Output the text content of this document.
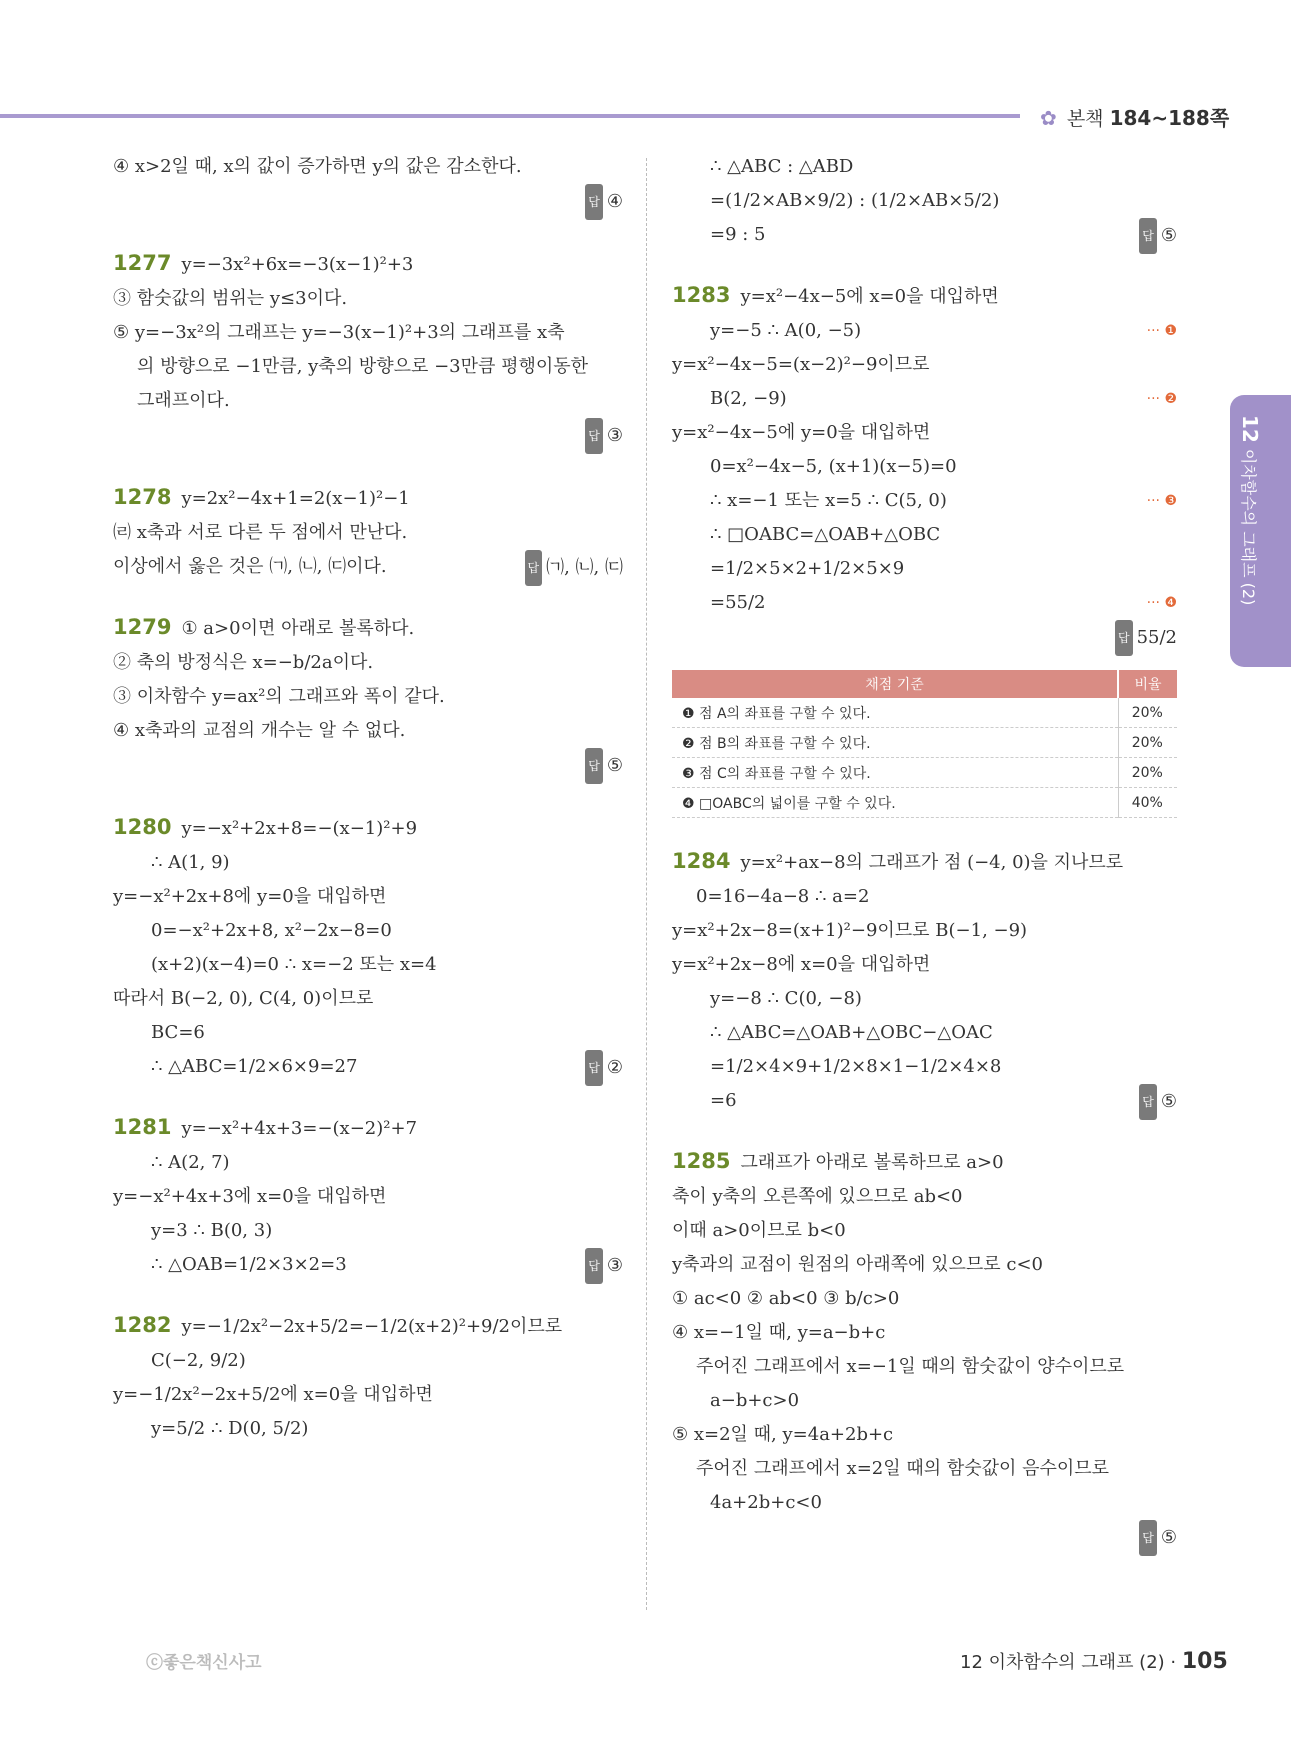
✿ 본책 184~188쪽
12이차함수의 그래프 (2)
④ x>2일 때, x의 값이 증가하면 y의 값은 감소한다.
답 ④
1277 y=−3x²+6x=−3(x−1)²+3
③ 함숫값의 범위는 y≤3이다.
⑤ y=−3x²의 그래프는 y=−3(x−1)²+3의 그래프를 x축
의 방향으로 −1만큼, y축의 방향으로 −3만큼 평행이동한
그래프이다.
답 ③
1278 y=2x²−4x+1=2(x−1)²−1
㈃ x축과 서로 다른 두 점에서 만난다.
이상에서 옳은 것은 ㈀, ㈁, ㈂이다.	답 ㈀, ㈁, ㈂
1279 ① a>0이면 아래로 볼록하다.
② 축의 방정식은 x=−b/2a이다.
③ 이차함수 y=ax²의 그래프와 폭이 같다.
④ x축과의 교점의 개수는 알 수 없다.
답 ⑤
1280 y=−x²+2x+8=−(x−1)²+9
∴ A(1, 9)
y=−x²+2x+8에 y=0을 대입하면
0=−x²+2x+8, x²−2x−8=0
(x+2)(x−4)=0 ∴ x=−2 또는 x=4
따라서 B(−2, 0), C(4, 0)이므로
BC=6
∴ △ABC=1/2×6×9=27	답 ②
1281 y=−x²+4x+3=−(x−2)²+7
∴ A(2, 7)
y=−x²+4x+3에 x=0을 대입하면
y=3 ∴ B(0, 3)
∴ △OAB=1/2×3×2=3	답 ③
1282 y=−1/2x²−2x+5/2=−1/2(x+2)²+9/2이므로
C(−2, 9/2)
y=−1/2x²−2x+5/2에 x=0을 대입하면
y=5/2 ∴ D(0, 5/2)
∴ △ABC : △ABD
=(1/2×AB×9/2) : (1/2×AB×5/2)
=9 : 5	답 ⑤
1283 y=x²−4x−5에 x=0을 대입하면
y=−5 ∴ A(0, −5)	··· ❶
y=x²−4x−5=(x−2)²−9이므로
B(2, −9)	··· ❷
y=x²−4x−5에 y=0을 대입하면
0=x²−4x−5, (x+1)(x−5)=0
∴ x=−1 또는 x=5 ∴ C(5, 0)	··· ❸
∴ □OABC=△OAB+△OBC
=1/2×5×2+1/2×5×9
=55/2	··· ❹
답 55/2
채점 기준	비율
❶ 점 A의 좌표를 구할 수 있다.	20%
❷ 점 B의 좌표를 구할 수 있다.	20%
❸ 점 C의 좌표를 구할 수 있다.	20%
❹ □OABC의 넓이를 구할 수 있다.	40%
1284 y=x²+ax−8의 그래프가 점 (−4, 0)을 지나므로
0=16−4a−8 ∴ a=2
y=x²+2x−8=(x+1)²−9이므로 B(−1, −9)
y=x²+2x−8에 x=0을 대입하면
y=−8 ∴ C(0, −8)
∴ △ABC=△OAB+△OBC−△OAC
=1/2×4×9+1/2×8×1−1/2×4×8
=6	답 ⑤
1285 그래프가 아래로 볼록하므로 a>0
축이 y축의 오른쪽에 있으므로 ab<0
이때 a>0이므로 b<0
y축과의 교점이 원점의 아래쪽에 있으므로 c<0
① ac<0 ② ab<0 ③ b/c>0
④ x=−1일 때, y=a−b+c
주어진 그래프에서 x=−1일 때의 함숫값이 양수이므로
a−b+c>0
⑤ x=2일 때, y=4a+2b+c
주어진 그래프에서 x=2일 때의 함숫값이 음수이므로
4a+2b+c<0
답 ⑤
ⓒ좋은책신사고	12 이차함수의 그래프 (2) · 105
